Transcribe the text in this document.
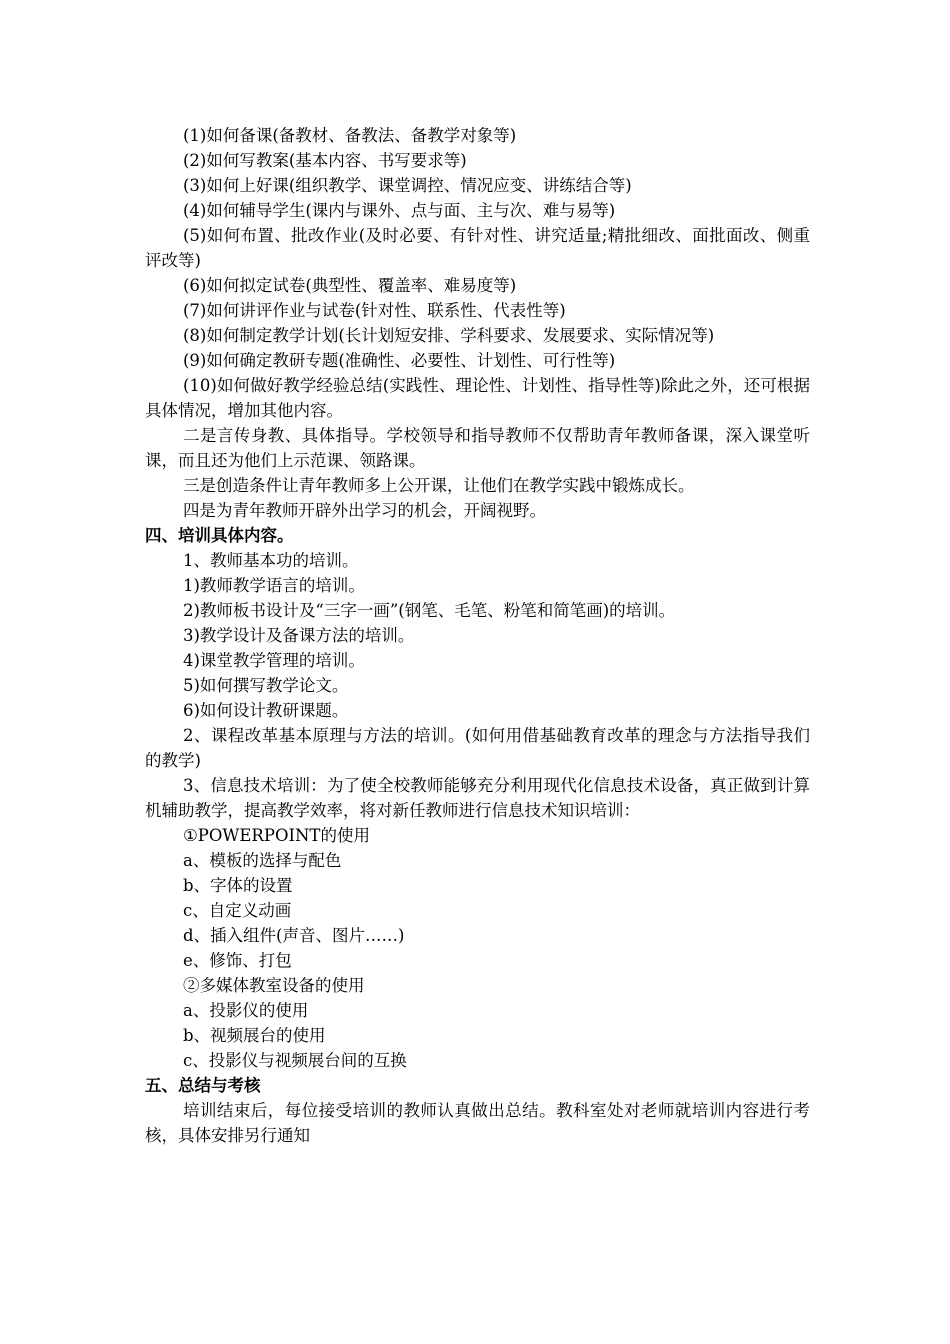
(1)如何备课(备教材、备教法、备教学对象等)

(2)如何写教案(基本内容、书写要求等)

(3)如何上好课(组织教学、课堂调控、情况应变、讲练结合等)

(4)如何辅导学生(课内与课外、点与面、主与次、难与易等)

(5)如何布置、批改作业(及时必要、有针对性、讲究适量;精批细改、面批面改、侧重评改等)

(6)如何拟定试卷(典型性、覆盖率、难易度等)

(7)如何讲评作业与试卷(针对性、联系性、代表性等)

(8)如何制定教学计划(长计划短安排、学科要求、发展要求、实际情况等)

(9)如何确定教研专题(准确性、必要性、计划性、可行性等)

(10)如何做好教学经验总结(实践性、理论性、计划性、指导性等)除此之外，还可根据具体情况，增加其他内容。

二是言传身教、具体指导。学校领导和指导教师不仅帮助青年教师备课，深入课堂听课，而且还为他们上示范课、领路课。

三是创造条件让青年教师多上公开课，让他们在教学实践中锻炼成长。

四是为青年教师开辟外出学习的机会，开阔视野。

四、培训具体内容。

1、教师基本功的培训。

1)教师教学语言的培训。

2)教师板书设计及“三字一画”(钢笔、毛笔、粉笔和简笔画)的培训。

3)教学设计及备课方法的培训。

4)课堂教学管理的培训。

5)如何撰写教学论文。

6)如何设计教研课题。

2、课程改革基本原理与方法的培训。(如何用借基础教育改革的理念与方法指导我们的教学)

3、信息技术培训：为了使全校教师能够充分利用现代化信息技术设备，真正做到计算机辅助教学，提高教学效率，将对新任教师进行信息技术知识培训：

①POWERPOINT的使用

a、模板的选择与配色

b、字体的设置

c、自定义动画

d、插入组件(声音、图片……)

e、修饰、打包

②多媒体教室设备的使用

a、投影仪的使用

b、视频展台的使用

c、投影仪与视频展台间的互换

五、总结与考核

培训结束后，每位接受培训的教师认真做出总结。教科室处对老师就培训内容进行考核，具体安排另行通知
